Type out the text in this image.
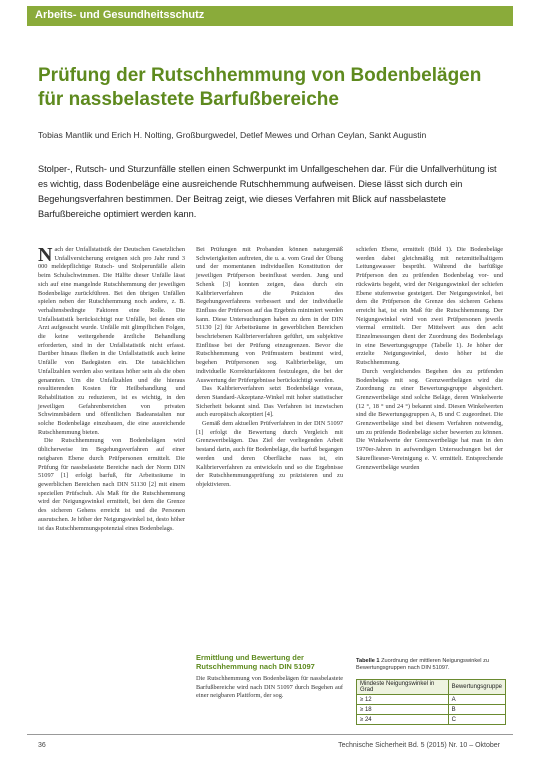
Arbeits- und Gesundheitsschutz
Prüfung der Rutschhemmung von Bodenbelägen
für nassbelastete Barfußbereiche
Tobias Mantlik und Erich H. Nolting, Großburgwedel, Detlef Mewes und Orhan Ceylan, Sankt Augustin
Stolper-, Rutsch- und Sturzunfälle stellen einen Schwerpunkt im Unfallgeschehen dar. Für die Unfallverhütung ist es wichtig, dass Bodenbeläge eine ausreichende Rutschhemmung aufweisen. Diese lässt sich durch ein Begehungsverfahren bestimmen. Der Beitrag zeigt, wie dieses Verfahren mit Blick auf nassbelastete Barfußbereiche optimiert werden kann.

Nach der Unfallstatistik der Deutschen Gesetzlichen Unfallversicherung ereignen sich pro Jahr rund 3 000 meldepflichtige Rutsch- und Stolperunfälle allein beim Schulschwimmen. Die Hälfte dieser Unfälle lässt sich auf eine mangelnde Rutschhemmung der jeweiligen Bodenbeläge zurückführen. Bei den übrigen Unfällen spielen neben der Rutschhemmung noch andere, z. B. verhaltensbedingte Faktoren eine Rolle. Die Unfallstatistik berücksichtigt nur Unfälle, bei denen ein Arzt aufgesucht wurde. Unfälle mit glimpflichen Folgen, die keine weitergehende ärztliche Behandlung erforderten, sind in der Unfallstatistik nicht erfasst. Darüber hinaus fließen in die Unfallstatistik auch keine Unfälle von Badegästen ein. Die tatsächlichen Unfallzahlen werden also weitaus höher sein als die oben genannten. Um die Unfallzahlen und die hieraus resultierenden Kosten für Heilbehandlung und Rehabilitation zu reduzieren, ist es wichtig, in den jeweiligen Gefahrenbereichen von privaten Schwimmbädern und öffentlichen Badeanstalten nur solche Bodenbeläge einzubauen, die eine ausreichende Rutschhemmung bieten.

Die Rutschhemmung von Bodenbelägen wird üblicherweise im Begehungsverfahren auf einer neigbaren Ebene durch Prüfpersonen ermittelt. Die Prüfung für nassbelastete Bereiche nach der Norm DIN 51097 [1] erfolgt barfuß, für Arbeitsräume in gewerblichen Bereichen nach DIN 51130 [2] mit einem speziellen Prüfschuh. Als Maß für die Rutschhemmung wird der Neigungswinkel ermittelt, bei dem die Grenze des sicheren Gehens erreicht ist und die Personen ausrutschen. Je höher der Neigungswinkel ist, desto höher ist das Rutschhemmungspotenzial eines Bodenbelags.

Bei Prüfungen mit Probanden können naturgemäß Schwierigkeiten auftreten, die u. a. vom Grad der Übung und der momentanen individuellen Konstitution der jeweiligen Prüfperson beeinflusst werden. Jung und Schenk [3] konnten zeigen, dass durch ein Kalibrierverfahren die Präzision des Begehungsverfahrens verbessert und der individuelle Einfluss der Prüferson auf das Ergebnis minimiert werden kann. Diese Untersuchungen haben zu dem in der DIN 51130 [2] für Arbeitsräume in gewerblichen Bereichen beschriebenen Kalibrierverfahren geführt, um subjektive Einflüsse bei der Prüfung einzugrenzen. Bevor die Rutschhemmung von Prüfmustern bestimmt wird, begehen Prüfpersonen sog. Kalibrierbeläge, um individuelle Korrekturfaktoren festzulegen, die bei der Auswertung der Prüfergebnisse berücksichtigt werden.

Das Kalibrierverfahren setzt Bodenbeläge voraus, deren Standard-Akzeptanz-Winkel mit hoher statistischer Sicherheit bekannt sind. Das Verfahren ist inzwischen auch europäisch akzeptiert [4].

Gemäß dem aktuellen Prüfverfahren in der DIN 51097 [1] erfolgt die Bewertung durch Vergleich mit Grenzwertbelägen. Das Ziel der vorliegenden Arbeit bestand darin, auch für Bodenbeläge, die barfuß begangen werden und deren Oberfläche nass ist, ein Kalibrierverfahren zu entwickeln und so die Ergebnisse der Rutschhemmungsprüfung zu präzisieren und zu objektivieren.

Ermittlung und Bewertung der Rutschhemmung nach DIN 51097
Die Rutschhemmung von Bodenbelägen für nassbelastete Barfußbereiche wird nach DIN 51097 durch Begehen auf einer neigbaren Plattform, der sog.

schiefen Ebene, ermittelt (Bild 1). Die Bodenbeläge werden dabei gleichmäßig mit netzmittelhaltigem Leitungswasser besprüht. Während die barfüßige Prüfperson den zu prüfenden Bodenbelag vor- und rückwärts begeht, wird der Neigungswinkel der schiefen Ebene stufenweise gesteigert. Der Neigungswinkel, bei dem die Prüfperson die Grenze des sicheren Gehens erreicht hat, ist ein Maß für die Rutschhemmung. Der Neigungswinkel wird von zwei Prüfpersonen jeweils viermal ermittelt. Der Mittelwert aus den acht Einzelmessungen dient der Zuordnung des Bodenbelags in eine Bewertungsgruppe (Tabelle 1). Je höher der erzielte Neigungswinkel, desto höher ist die Rutschhemmung.

Durch vergleichendes Begehen des zu prüfenden Bodenbelags mit sog. Grenzwertbelägen wird die Zuordnung zu einer Bewertungsgruppe abgesichert. Grenzwertbeläge sind solche Beläge, deren Winkelwerte (12 °, 18 ° und 24 °) bekannt sind. Diesen Winkelwerten sind die Bewertungsgruppen A, B und C zugeordnet. Die Grenzwertbeläge sind bei diesem Verfahren notwendig, um zu prüfende Bodenbeläge sicher bewerten zu können. Die Winkelwerte der Grenzwertbeläge hat man in den 1970er-Jahren in aufwendigen Untersuchungen bei der Säurefliesner-Vereinigung e. V. ermittelt. Entsprechende Grenzwertbeläge wurden

Tabelle 1 Zuordnung der mittleren Neigungswinkel zu Bewertungsgruppen nach DIN 51097.
Mindeste Neigungswinkel in Grad	Bewertungsgruppe
≥ 12	A
≥ 18	B
≥ 24	C
36	Technische Sicherheit Bd. 5 (2015) Nr. 10 – Oktober
